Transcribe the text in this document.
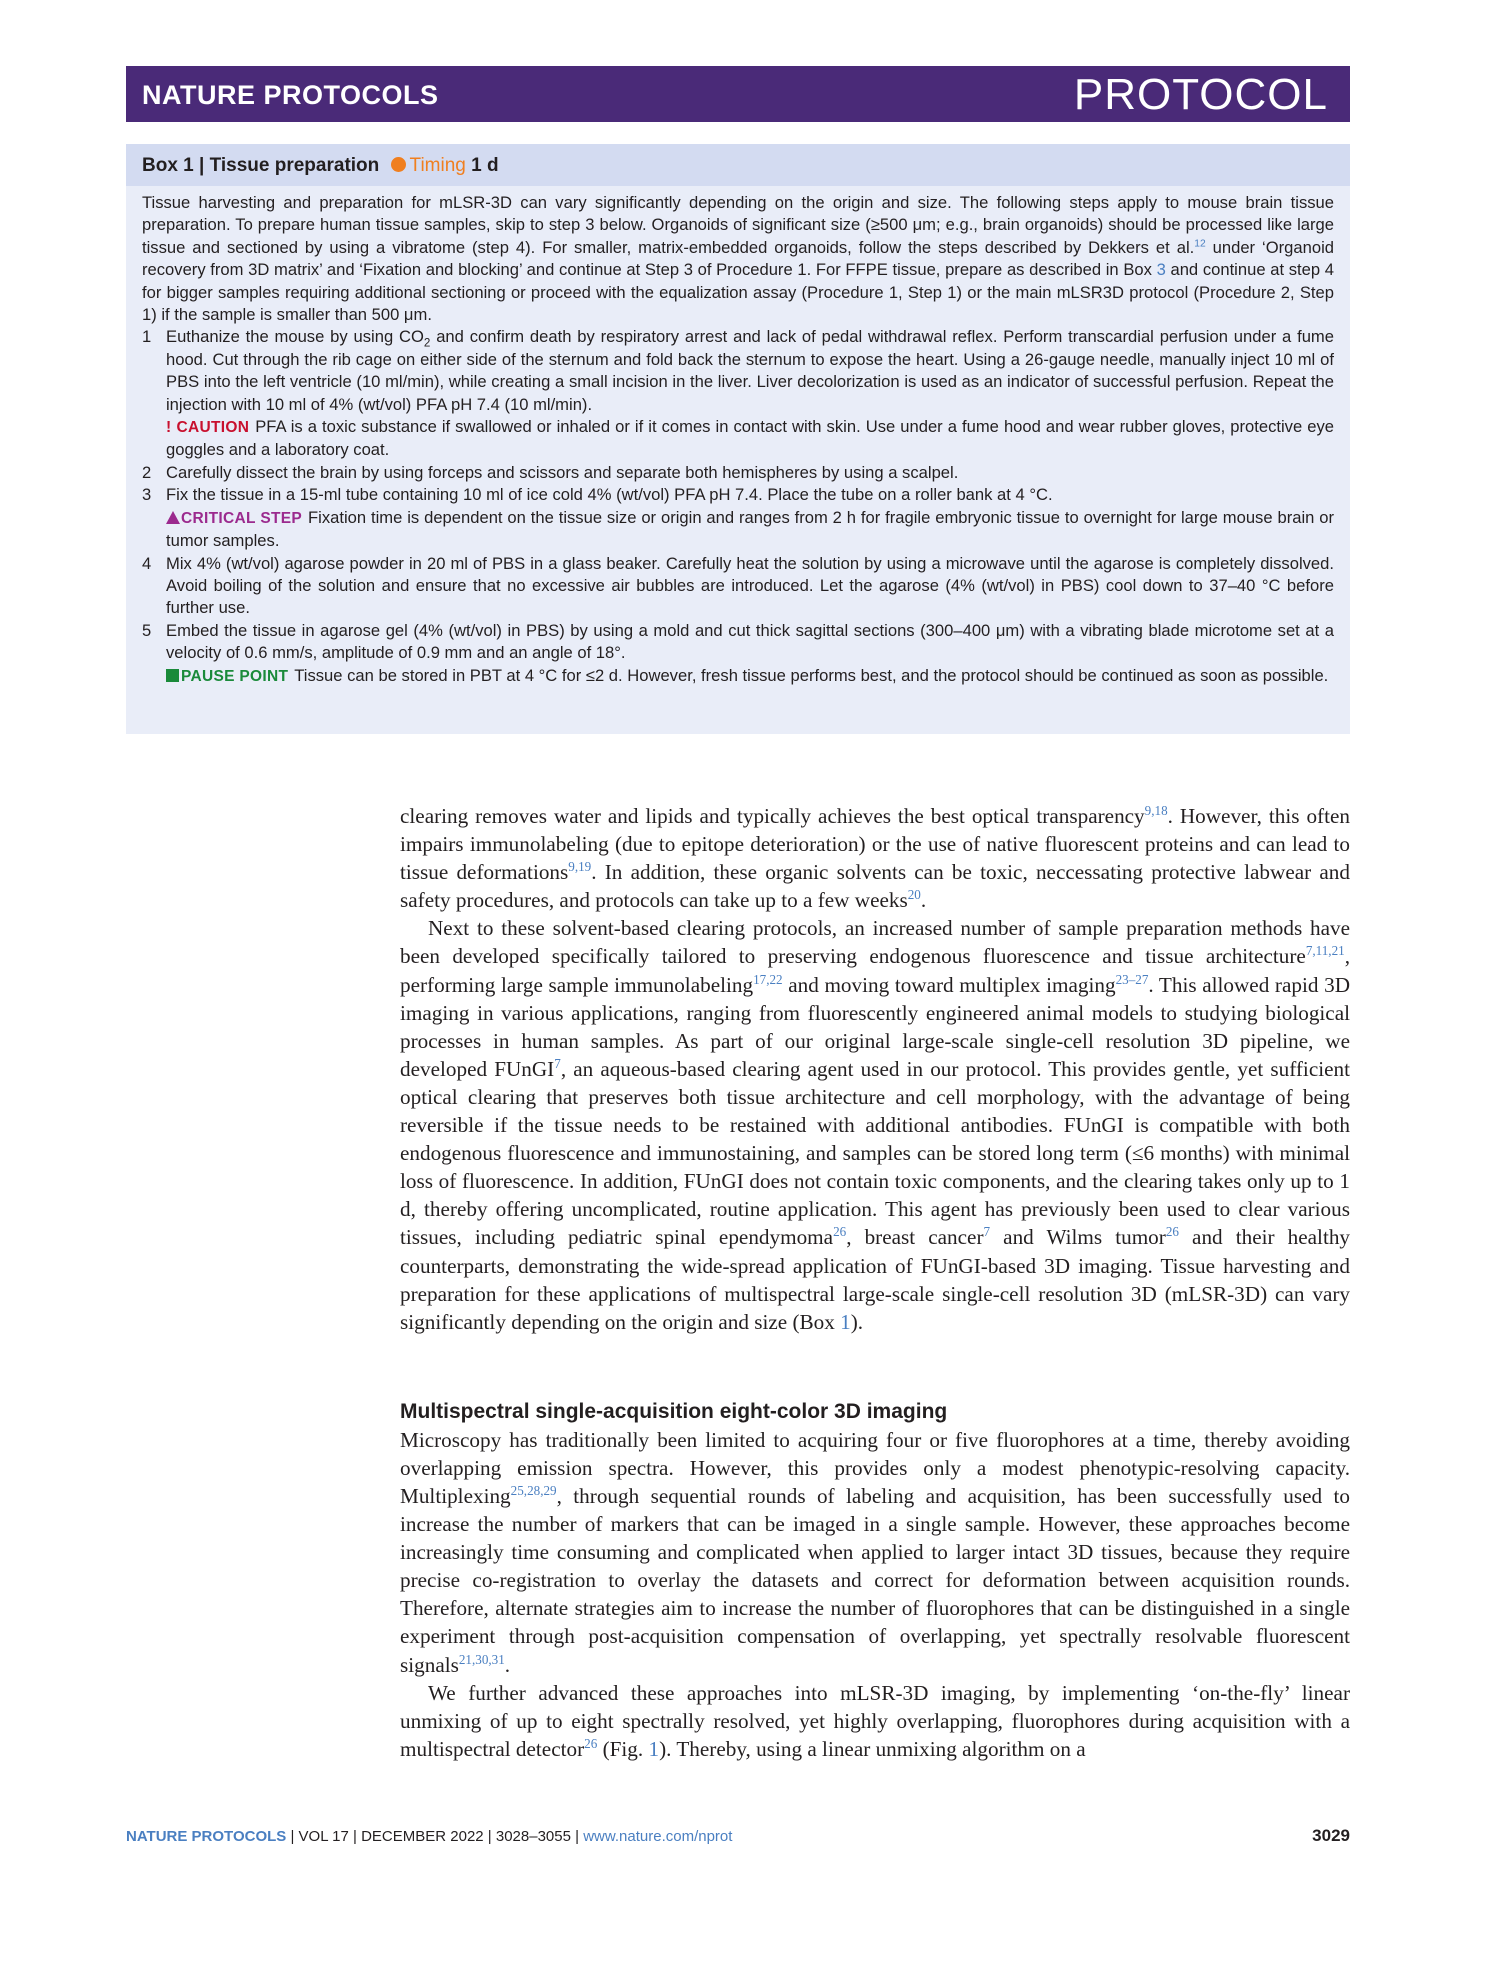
NATURE PROTOCOLS	PROTOCOL
Box 1 | Tissue preparation Timing 1 d

Tissue harvesting and preparation for mLSR-3D can vary significantly depending on the origin and size. The following steps apply to mouse brain tissue preparation. To prepare human tissue samples, skip to step 3 below. Organoids of significant size (≥500 μm; e.g., brain organoids) should be processed like large tissue and sectioned by using a vibratome (step 4). For smaller, matrix-embedded organoids, follow the steps described by Dekkers et al.$^{12}$ under ‘Organoid recovery from 3D matrix’ and ‘Fixation and blocking’ and continue at Step 3 of Procedure 1. For FFPE tissue, prepare as described in Box 3 and continue at step 4 for bigger samples requiring additional sectioning or proceed with the equalization assay (Procedure 1, Step 1) or the main mLSR3D protocol (Procedure 2, Step 1) if the sample is smaller than 500 μm.

1 Euthanize the mouse by using $CO_2$ and confirm death by respiratory arrest and lack of pedal withdrawal reflex. Perform transcardial perfusion under a fume hood. Cut through the rib cage on either side of the sternum and fold back the sternum to expose the heart. Using a 26-gauge needle, manually inject 10 ml of PBS into the left ventricle (10 ml/min), while creating a small incision in the liver. Liver decolorization is used as an indicator of successful perfusion. Repeat the injection with 10 ml of 4% (wt/vol) PFA pH 7.4 (10 ml/min).

! CAUTION PFA is a toxic substance if swallowed or inhaled or if it comes in contact with skin. Use under a fume hood and wear rubber gloves, protective eye goggles and a laboratory coat.

2 Carefully dissect the brain by using forceps and scissors and separate both hemispheres by using a scalpel.

3 Fix the tissue in a 15-ml tube containing 10 ml of ice cold 4% (wt/vol) PFA pH 7.4. Place the tube on a roller bank at 4 °C.

CRITICAL STEP Fixation time is dependent on the tissue size or origin and ranges from 2 h for fragile embryonic tissue to overnight for large mouse brain or tumor samples.

4 Mix 4% (wt/vol) agarose powder in 20 ml of PBS in a glass beaker. Carefully heat the solution by using a microwave until the agarose is completely dissolved. Avoid boiling of the solution and ensure that no excessive air bubbles are introduced. Let the agarose (4% (wt/vol) in PBS) cool down to 37–40 °C before further use.

5 Embed the tissue in agarose gel (4% (wt/vol) in PBS) by using a mold and cut thick sagittal sections (300–400 μm) with a vibrating blade microtome set at a velocity of 0.6 mm/s, amplitude of 0.9 mm and an angle of 18°.

PAUSE POINT Tissue can be stored in PBT at 4 °C for ≤2 d. However, fresh tissue performs best, and the protocol should be continued as soon as possible.

clearing removes water and lipids and typically achieves the best optical transparency$^{9,18}$. However, this often impairs immunolabeling (due to epitope deterioration) or the use of native fluorescent proteins and can lead to tissue deformations$^{9,19}$. In addition, these organic solvents can be toxic, neccessating protective labwear and safety procedures, and protocols can take up to a few weeks$^{20}$.

Next to these solvent-based clearing protocols, an increased number of sample preparation methods have been developed specifically tailored to preserving endogenous fluorescence and tissue architecture$^{7,11,21}$, performing large sample immunolabeling$^{17,22}$ and moving toward multiplex imaging$^{23-27}$. This allowed rapid 3D imaging in various applications, ranging from fluorescently engineered animal models to studying biological processes in human samples. As part of our original large-scale single-cell resolution 3D pipeline, we developed FUnGI$^7$, an aqueous-based clearing agent used in our protocol. This provides gentle, yet sufficient optical clearing that preserves both tissue architecture and cell morphology, with the advantage of being reversible if the tissue needs to be restained with additional antibodies. FUnGI is compatible with both endogenous fluorescence and immunostaining, and samples can be stored long term (≤6 months) with minimal loss of fluorescence. In addition, FUnGI does not contain toxic components, and the clearing takes only up to 1 d, thereby offering uncomplicated, routine application. This agent has previously been used to clear various tissues, including pediatric spinal ependymoma$^{26}$, breast cancer$^7$ and Wilms tumor$^{26}$ and their healthy counterparts, demonstrating the wide-spread application of FUnGI-based 3D imaging. Tissue harvesting and preparation for these applications of multispectral large-scale single-cell resolution 3D (mLSR-3D) can vary significantly depending on the origin and size (Box 1).

Multispectral single-acquisition eight-color 3D imaging

Microscopy has traditionally been limited to acquiring four or five fluorophores at a time, thereby avoiding overlapping emission spectra. However, this provides only a modest phenotypic-resolving capacity. Multiplexing$^{25,28,29}$, through sequential rounds of labeling and acquisition, has been successfully used to increase the number of markers that can be imaged in a single sample. However, these approaches become increasingly time consuming and complicated when applied to larger intact 3D tissues, because they require precise co-registration to overlay the datasets and correct for deformation between acquisition rounds. Therefore, alternate strategies aim to increase the number of fluorophores that can be distinguished in a single experiment through post-acquisition compensation of overlapping, yet spectrally resolvable fluorescent signals$^{21,30,31}$.

We further advanced these approaches into mLSR-3D imaging, by implementing ‘on-the-fly’ linear unmixing of up to eight spectrally resolved, yet highly overlapping, fluorophores during acquisition with a multispectral detector$^{26}$ (Fig. 1). Thereby, using a linear unmixing algorithm on a

NATURE PROTOCOLS | VOL 17 | DECEMBER 2022 | 3028–3055 | www.nature.com/nprot	3029
